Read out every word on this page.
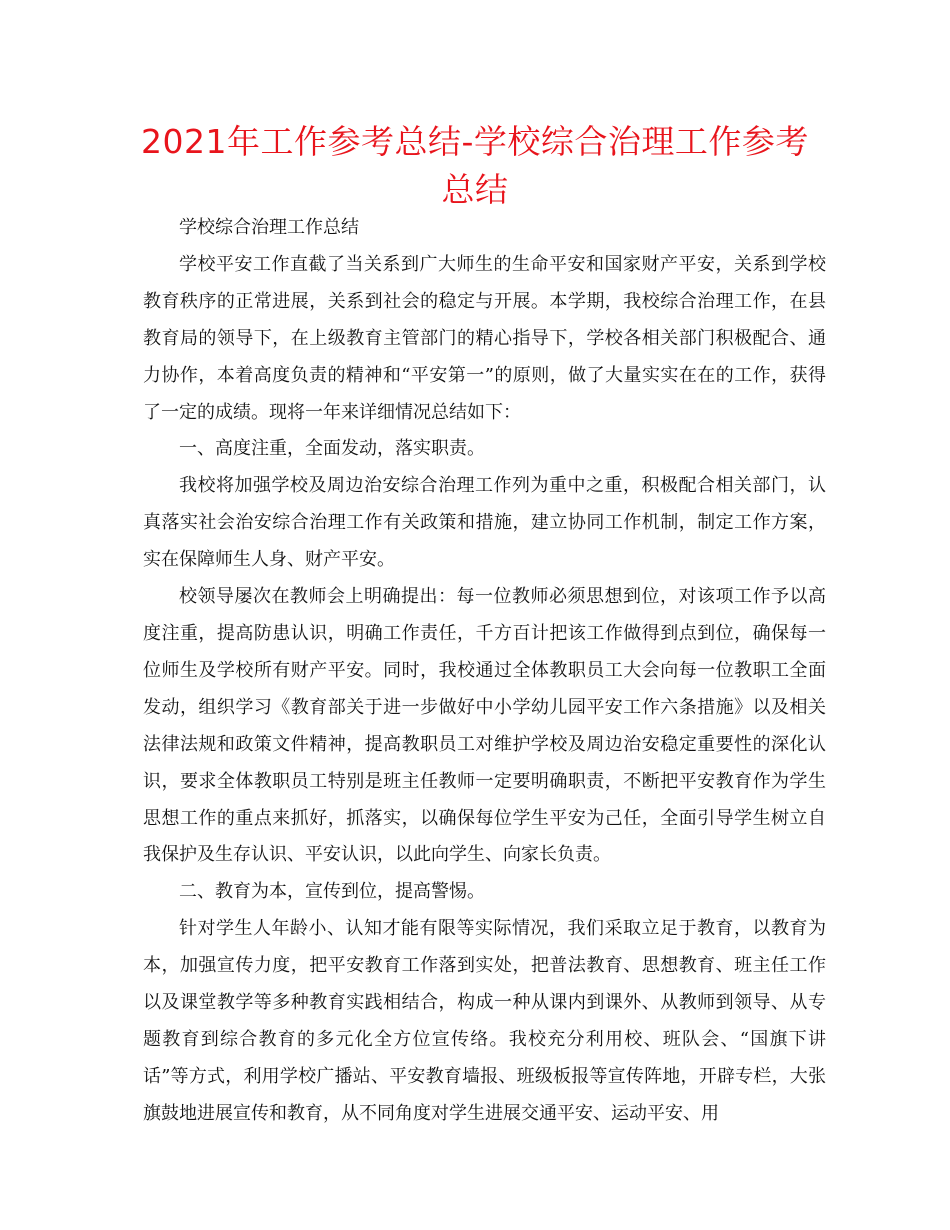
2021年工作参考总结-学校综合治理工作参考总结

学校综合治理工作总结

学校平安工作直截了当关系到广大师生的生命平安和国家财产平安，关系到学校教育秩序的正常进展，关系到社会的稳定与开展。本学期，我校综合治理工作，在县教育局的领导下，在上级教育主管部门的精心指导下，学校各相关部门积极配合、通力协作，本着高度负责的精神和“平安第一”的原则，做了大量实实在在的工作，获得了一定的成绩。现将一年来详细情况总结如下：

一、高度注重，全面发动，落实职责。

我校将加强学校及周边治安综合治理工作列为重中之重，积极配合相关部门，认真落实社会治安综合治理工作有关政策和措施，建立协同工作机制，制定工作方案，实在保障师生人身、财产平安。

校领导屡次在教师会上明确提出：每一位教师必须思想到位，对该项工作予以高度注重，提高防患认识，明确工作责任，千方百计把该工作做得到点到位，确保每一位师生及学校所有财产平安。同时，我校通过全体教职员工大会向每一位教职工全面发动，组织学习《教育部关于进一步做好中小学幼儿园平安工作六条措施》以及相关法律法规和政策文件精神，提高教职员工对维护学校及周边治安稳定重要性的深化认识，要求全体教职员工特别是班主任教师一定要明确职责，不断把平安教育作为学生思想工作的重点来抓好，抓落实，以确保每位学生平安为己任，全面引导学生树立自我保护及生存认识、平安认识，以此向学生、向家长负责。

二、教育为本，宣传到位，提高警惕。

针对学生人年龄小、认知才能有限等实际情况，我们采取立足于教育，以教育为本，加强宣传力度，把平安教育工作落到实处，把普法教育、思想教育、班主任工作以及课堂教学等多种教育实践相结合，构成一种从课内到课外、从教师到领导、从专题教育到综合教育的多元化全方位宣传络。我校充分利用校、班队会、“国旗下讲话”等方式，利用学校广播站、平安教育墙报、班级板报等宣传阵地，开辟专栏，大张旗鼓地进展宣传和教育，从不同角度对学生进展交通平安、运动平安、用
